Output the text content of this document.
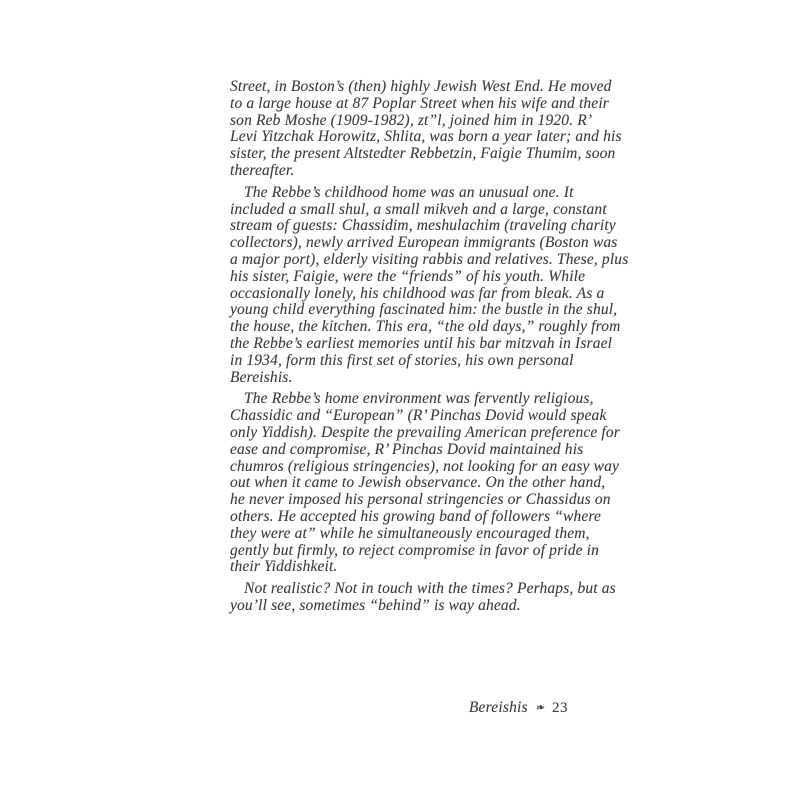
Street, in Boston’s (then) highly Jewish West End. He moved
to a large house at 87 Poplar Street when his wife and their
son Reb Moshe (1909-1982), zt”l, joined him in 1920. R’
Levi Yitzchak Horowitz, Shlita, was born a year later; and his
sister, the present Altstedter Rebbetzin, Faigie Thumim, soon
thereafter.
The Rebbe’s childhood home was an unusual one. It
included a small shul, a small mikveh and a large, constant
stream of guests: Chassidim, meshulachim (traveling charity
collectors), newly arrived European immigrants (Boston was
a major port), elderly visiting rabbis and relatives. These, plus
his sister, Faigie, were the “friends” of his youth. While
occasionally lonely, his childhood was far from bleak. As a
young child everything fascinated him: the bustle in the shul,
the house, the kitchen. This era, “the old days,” roughly from
the Rebbe’s earliest memories until his bar mitzvah in Israel
in 1934, form this first set of stories, his own personal
Bereishis.
The Rebbe’s home environment was fervently religious,
Chassidic and “European” (R’ Pinchas Dovid would speak
only Yiddish). Despite the prevailing American preference for
ease and compromise, R’ Pinchas Dovid maintained his
chumros (religious stringencies), not looking for an easy way
out when it came to Jewish observance. On the other hand,
he never imposed his personal stringencies or Chassidus on
others. He accepted his growing band of followers “where
they were at” while he simultaneously encouraged them,
gently but firmly, to reject compromise in favor of pride in
their Yiddishkeit.
Not realistic? Not in touch with the times? Perhaps, but as
you’ll see, sometimes “behind” is way ahead.
Bereishis ❧ 23
